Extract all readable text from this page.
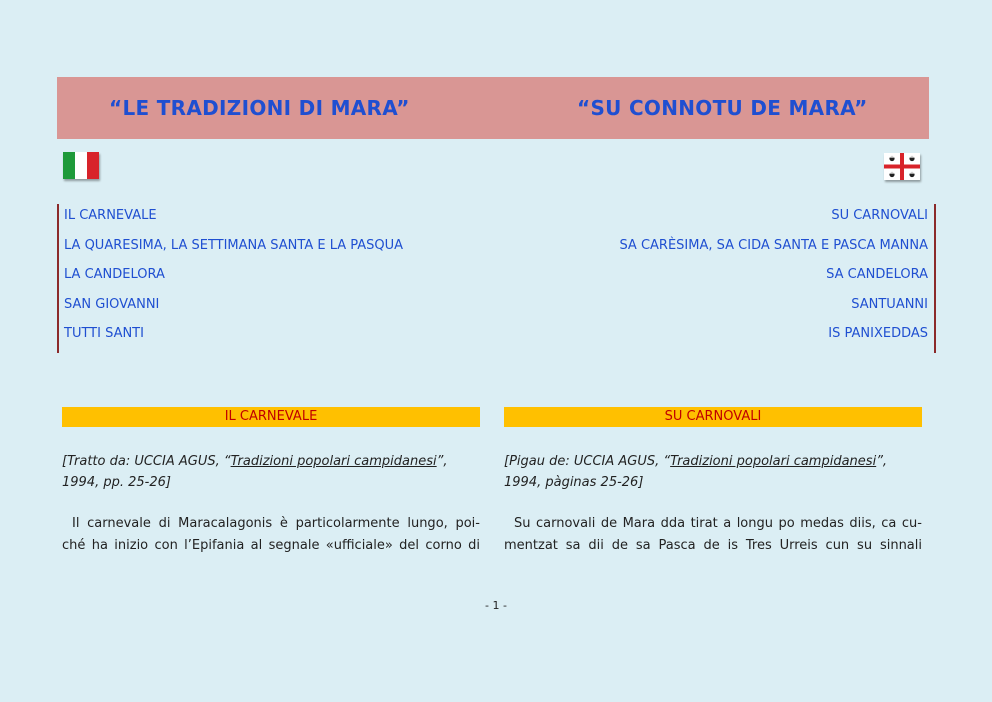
“LE TRADIZIONI DI MARA”	“SU CONNOTU DE MARA”
IL CARNEVALE
LA QUARESIMA, LA SETTIMANA SANTA E LA PASQUA
LA CANDELORA
SAN GIOVANNI
TUTTI SANTI
SU CARNOVALI
SA CARÈSIMA, SA CIDA SANTA E PASCA MANNA
SA CANDELORA
SANTUANNI
IS PANIXEDDAS
IL CARNEVALE	SU CARNOVALI
[Tratto da: UCCIA AGUS, “Tradizioni popolari campidanesi”,
1994, pp. 25-26]
[Pigau de: UCCIA AGUS, “Tradizioni popolari campidanesi”,
1994, pàginas 25-26]
Il carnevale di Maracalagonis è particolarmente lungo, poi-
ché ha inizio con l’Epifania al segnale «ufficiale» del corno di
Su carnovali de Mara dda tirat a longu po medas diis, ca cu-
mentzat sa dii de sa Pasca de is Tres Urreis cun su sinnali
- 1 -
